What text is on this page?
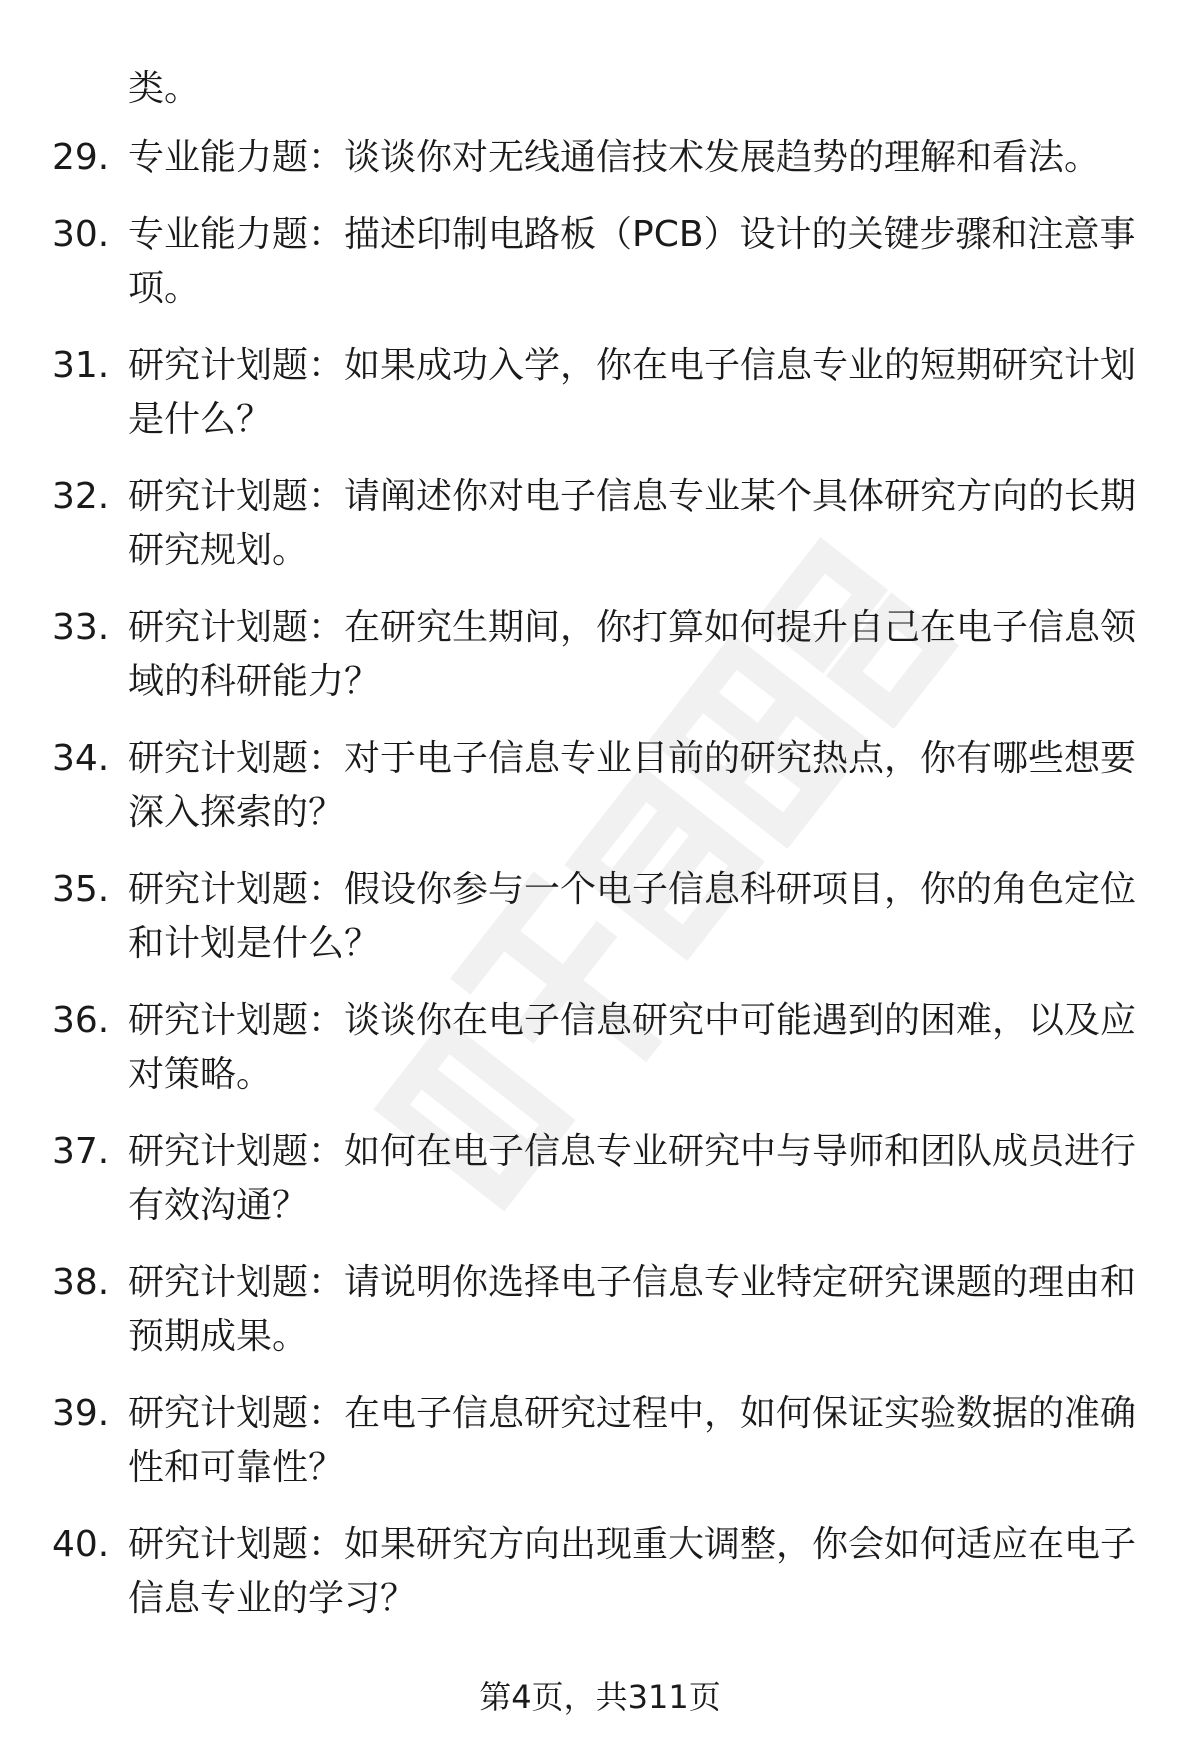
类。

29. 专业能力题：谈谈你对无线通信技术发展趋势的理解和看法。
30. 专业能力题：描述印制电路板（PCB）设计的关键步骤和注意事项。
31. 研究计划题：如果成功入学，你在电子信息专业的短期研究计划是什么？
32. 研究计划题：请阐述你对电子信息专业某个具体研究方向的长期研究规划。
33. 研究计划题：在研究生期间，你打算如何提升自己在电子信息领域的科研能力？
34. 研究计划题：对于电子信息专业目前的研究热点，你有哪些想要深入探索的？
35. 研究计划题：假设你参与一个电子信息科研项目，你的角色定位和计划是什么？
36. 研究计划题：谈谈你在电子信息研究中可能遇到的困难，以及应对策略。
37. 研究计划题：如何在电子信息专业研究中与导师和团队成员进行有效沟通？
38. 研究计划题：请说明你选择电子信息专业特定研究课题的理由和预期成果。
39. 研究计划题：在电子信息研究过程中，如何保证实验数据的准确性和可靠性？
40. 研究计划题：如果研究方向出现重大调整，你会如何适应在电子信息专业的学习？

第4页，共311页
